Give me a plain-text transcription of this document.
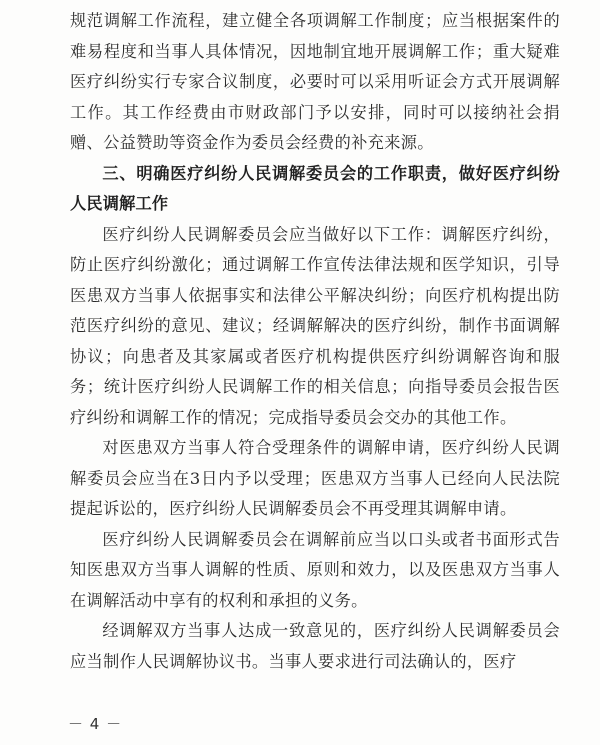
规范调解工作流程，建立健全各项调解工作制度；应当根据案件的难易程度和当事人具体情况，因地制宜地开展调解工作；重大疑难医疗纠纷实行专家合议制度，必要时可以采用听证会方式开展调解工作。其工作经费由市财政部门予以安排，同时可以接纳社会捐赠、公益赞助等资金作为委员会经费的补充来源。

三、明确医疗纠纷人民调解委员会的工作职责，做好医疗纠纷人民调解工作

医疗纠纷人民调解委员会应当做好以下工作：调解医疗纠纷，防止医疗纠纷激化；通过调解工作宣传法律法规和医学知识，引导医患双方当事人依据事实和法律公平解决纠纷；向医疗机构提出防范医疗纠纷的意见、建议；经调解解决的医疗纠纷，制作书面调解协议；向患者及其家属或者医疗机构提供医疗纠纷调解咨询和服务；统计医疗纠纷人民调解工作的相关信息；向指导委员会报告医疗纠纷和调解工作的情况；完成指导委员会交办的其他工作。

对医患双方当事人符合受理条件的调解申请，医疗纠纷人民调解委员会应当在3日内予以受理；医患双方当事人已经向人民法院提起诉讼的，医疗纠纷人民调解委员会不再受理其调解申请。

医疗纠纷人民调解委员会在调解前应当以口头或者书面形式告知医患双方当事人调解的性质、原则和效力，以及医患双方当事人在调解活动中享有的权利和承担的义务。

经调解双方当事人达成一致意见的，医疗纠纷人民调解委员会应当制作人民调解协议书。当事人要求进行司法确认的，医疗

－ 4 －
